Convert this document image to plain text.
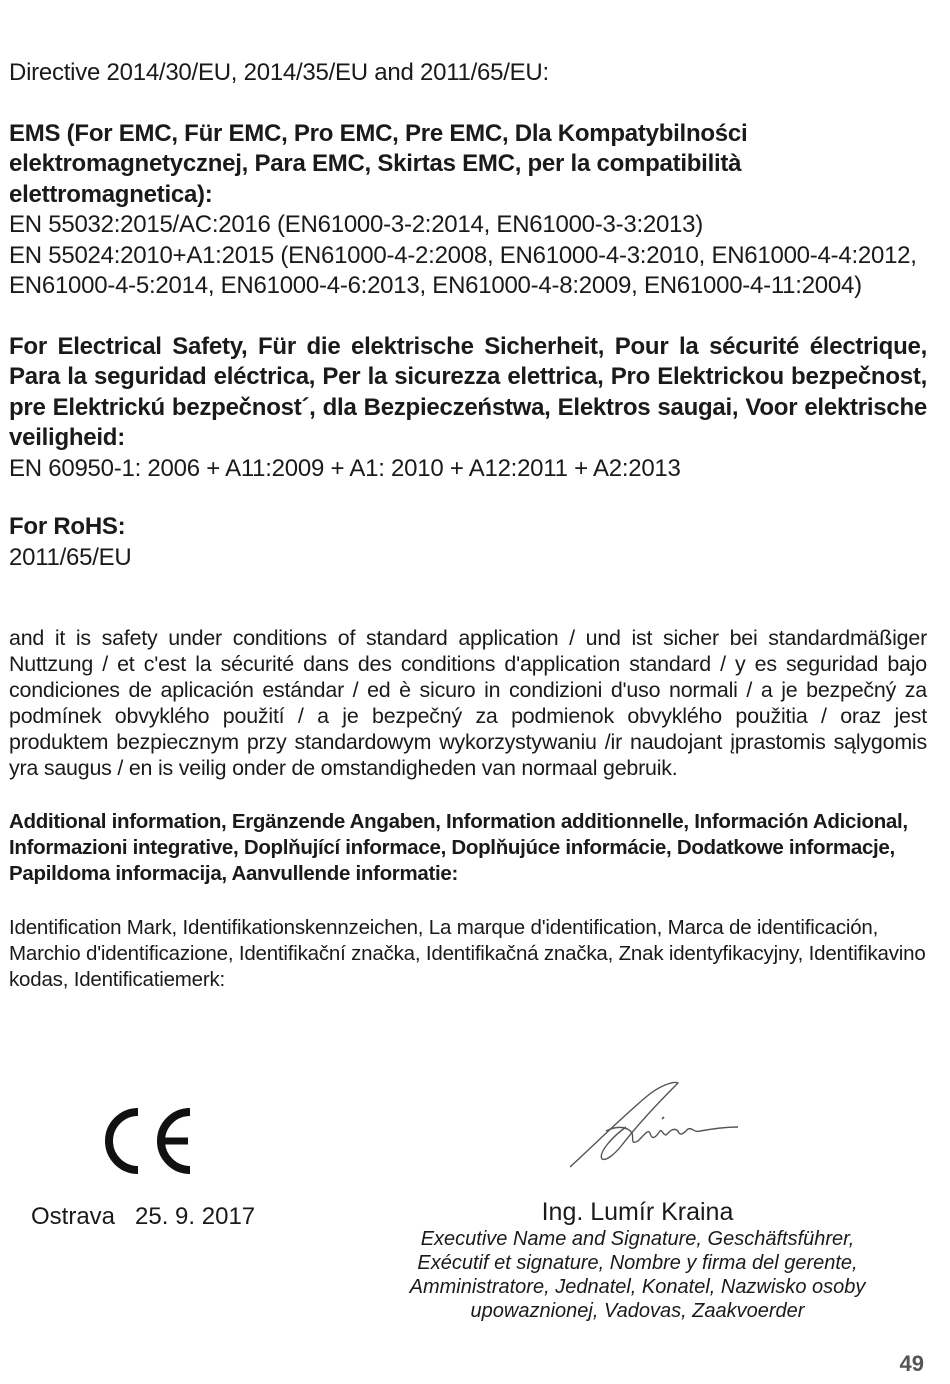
Directive 2014/30/EU, 2014/35/EU and 2011/65/EU:

EMS (For EMC, Für EMC, Pro EMC, Pre EMC, Dla Kompatybilności elektromagnetycznej, Para EMC, Skirtas EMC, per la compatibilità elettromagnetica):

EN 55032:2015/AC:2016 (EN61000-3-2:2014, EN61000-3-3:2013)

EN 55024:2010+A1:2015 (EN61000-4-2:2008, EN61000-4-3:2010, EN61000-4-4:2012, EN61000-4-5:2014, EN61000-4-6:2013, EN61000-4-8:2009, EN61000-4-11:2004)

For Electrical Safety, Für die elektrische Sicherheit, Pour la sécurité électrique, Para la seguridad eléctrica, Per la sicurezza elettrica, Pro Elektrickou bezpečnost, pre Elektrickú bezpečnost´, dla Bezpieczeństwa, Elektros saugai, Voor elektrische veiligheid:

EN 60950-1: 2006 + A11:2009 + A1: 2010 + A12:2011 + A2:2013

For RoHS:

2011/65/EU

and it is safety under conditions of standard application / und ist sicher bei standardmäßiger Nuttzung / et c'est la sécurité dans des conditions d'application standard / y es seguridad bajo condiciones de aplicación estándar / ed è sicuro in condizioni d'uso normali / a je bezpečný za podmínek obvyklého použití / a je bezpečný za podmienok obvyklého použitia / oraz jest produktem bezpiecznym przy standardowym wykorzystywaniu /ir naudojant įprastomis sąlygomis yra saugus / en is veilig onder de omstandigheden van normaal gebruik.

Additional information, Ergänzende Angaben, Information additionnelle, Información Adicional, Informazioni integrative, Doplňující informace, Doplňujúce informácie, Dodatkowe informacje, Papildoma informacija, Aanvullende informatie:

Identification Mark, Identifikationskennzeichen, La marque d'identification, Marca de identificación, Marchio d'identificazione, Identifikační značka, Identifikačná značka, Znak identyfikacyjny, Identifikavino kodas, Identificatiemerk:

Ostrava   25. 9. 2017	Ing. Lumír Kraina
Executive Name and Signature, Geschäftsführer, Exécutif et signature, Nombre y firma del gerente, Amministratore, Jednatel, Konatel, Nazwisko osoby upowaznionej, Vadovas, Zaakvoerder
49
